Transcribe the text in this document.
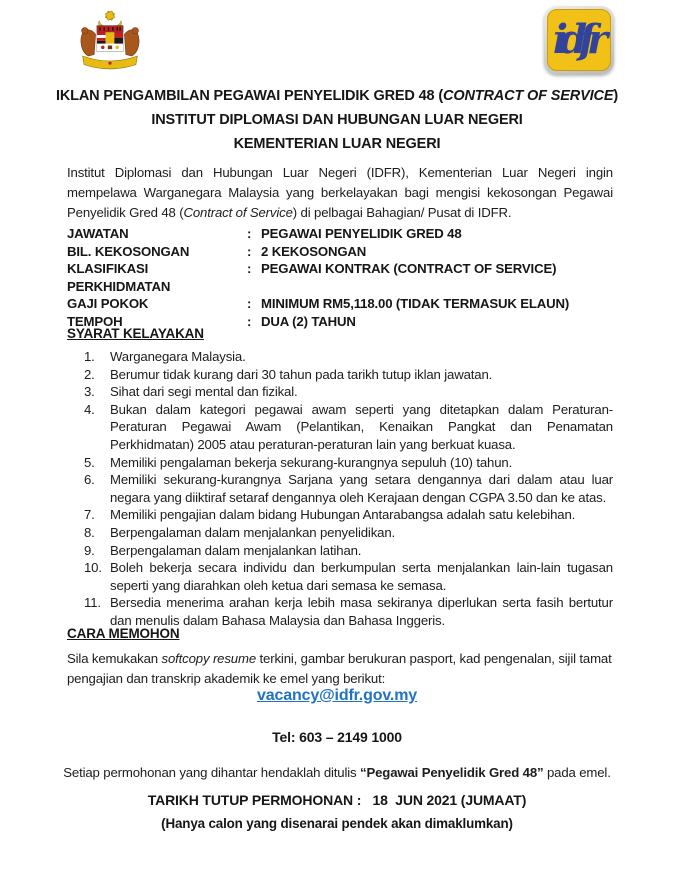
idfr
IKLAN PENGAMBILAN PEGAWAI PENYELIDIK GRED 48 (CONTRACT OF SERVICE)
INSTITUT DIPLOMASI DAN HUBUNGAN LUAR NEGERI
KEMENTERIAN LUAR NEGERI

Institut Diplomasi dan Hubungan Luar Negeri (IDFR), Kementerian Luar Negeri ingin mempelawa Warganegara Malaysia yang berkelayakan bagi mengisi kekosongan Pegawai Penyelidik Gred 48 (Contract of Service) di pelbagai Bahagian/ Pusat di IDFR.

JAWATAN	: PEGAWAI PENYELIDIK GRED 48
BIL. KEKOSONGAN	: 2 KEKOSONGAN
KLASIFIKASI PERKHIDMATAN
: PEGAWAI KONTRAK (CONTRACT OF SERVICE)
GAJI POKOK	: MINIMUM RM5,118.00 (TIDAK TERMASUK ELAUN)
TEMPOH	: DUA (2) TAHUN
SYARAT KELAYAKAN
1.	Warganegara Malaysia.
2.	Berumur tidak kurang dari 30 tahun pada tarikh tutup iklan jawatan.
3.	Sihat dari segi mental dan fizikal.
4.	Bukan dalam kategori pegawai awam seperti yang ditetapkan dalam Peraturan-Peraturan Pegawai Awam (Pelantikan, Kenaikan Pangkat dan Penamatan Perkhidmatan) 2005 atau peraturan-peraturan lain yang berkuat kuasa.
5.	Memiliki pengalaman bekerja sekurang-kurangnya sepuluh (10) tahun.
6.	Memiliki sekurang-kurangnya Sarjana yang setara dengannya dari dalam atau luar negara yang diiktiraf setaraf dengannya oleh Kerajaan dengan CGPA 3.50 dan ke atas.
7.	Memiliki pengajian dalam bidang Hubungan Antarabangsa adalah satu kelebihan.
8.	Berpengalaman dalam menjalankan penyelidikan.
9.	Berpengalaman dalam menjalankan latihan.
10. Boleh bekerja secara individu dan berkumpulan serta menjalankan lain-lain tugasan seperti yang diarahkan oleh ketua dari semasa ke semasa.
11. Bersedia menerima arahan kerja lebih masa sekiranya diperlukan serta fasih bertutur dan menulis dalam Bahasa Malaysia dan Bahasa Inggeris.
CARA MEMOHON

Sila kemukakan softcopy resume terkini, gambar berukuran pasport, kad pengenalan, sijil tamat pengajian dan transkrip akademik ke emel yang berikut:

vacancy@idfr.gov.my
Tel: 603 – 2149 1000
Setiap permohonan yang dihantar hendaklah ditulis “Pegawai Penyelidik Gred 48” pada emel.
TARIKH TUTUP PERMOHONAN :   18  JUN 2021 (JUMAAT)
(Hanya calon yang disenarai pendek akan dimaklumkan)
